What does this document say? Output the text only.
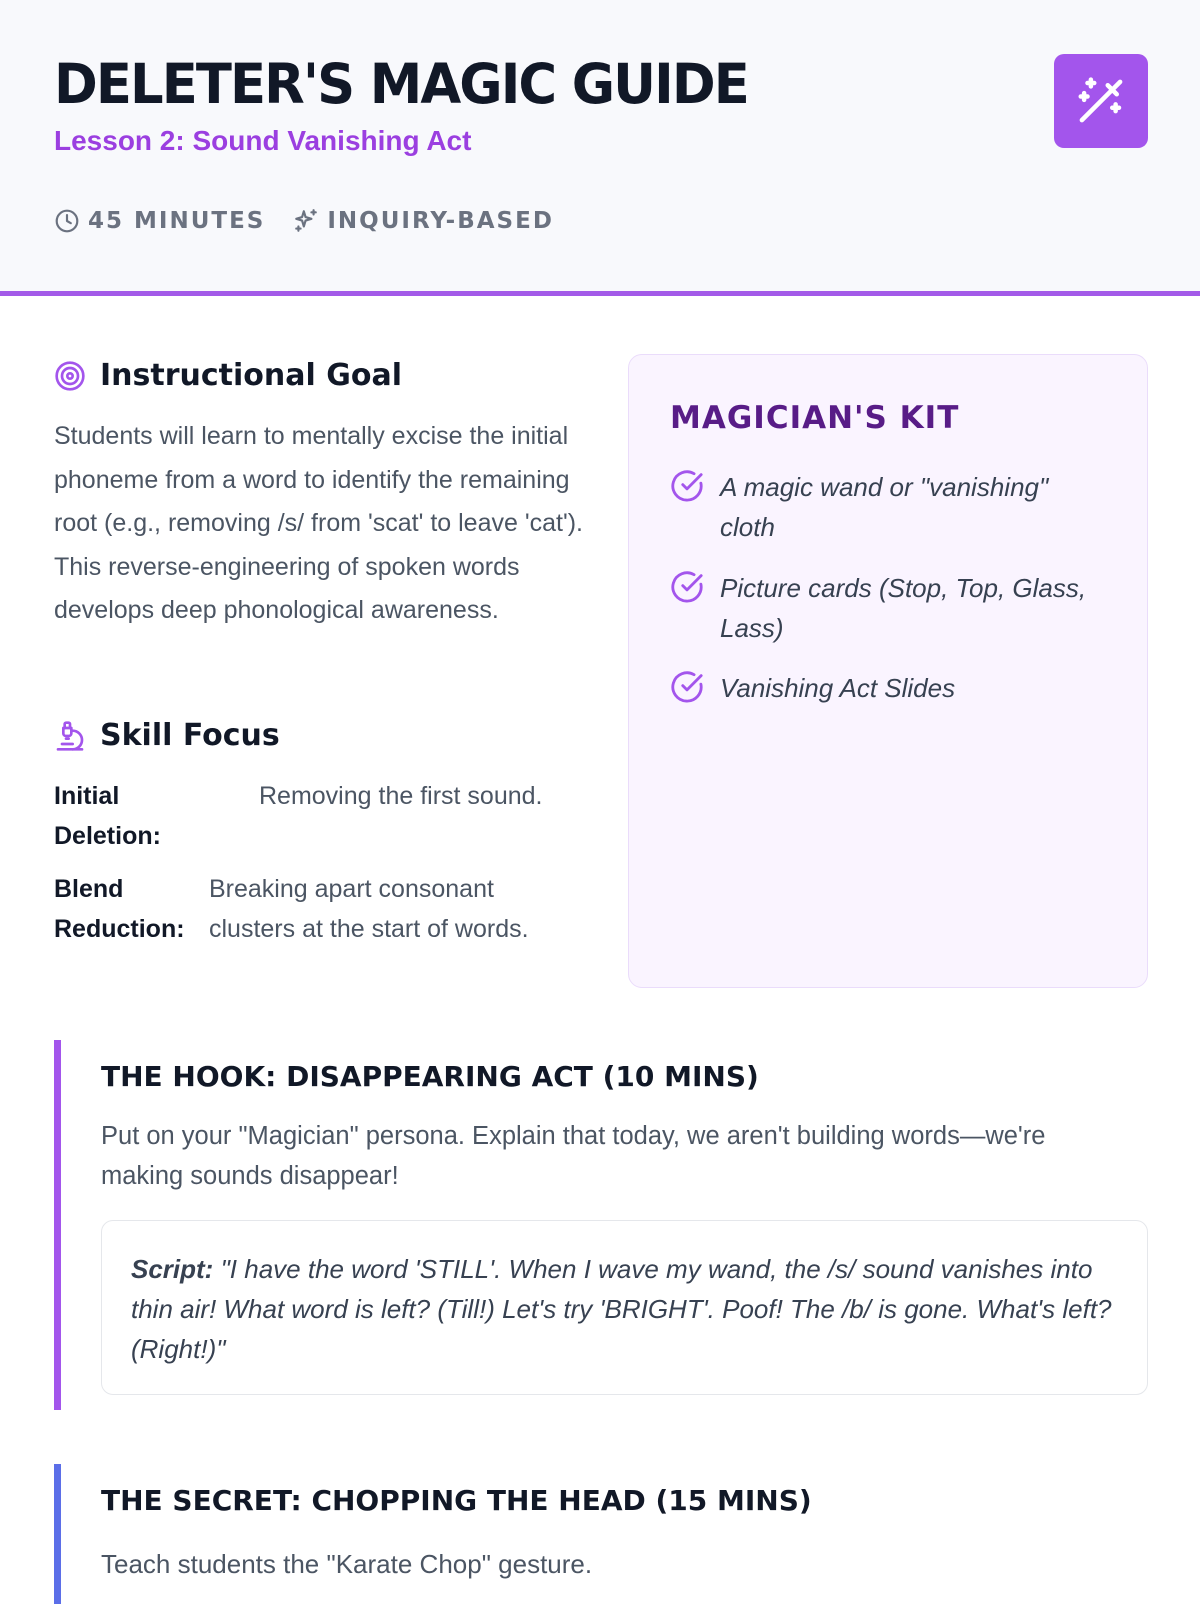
DELETER'S MAGIC GUIDE
Lesson 2: Sound Vanishing Act
45 MINUTES	INQUIRY-BASED
Instructional Goal

Students will learn to mentally excise the initial phoneme from a word to identify the remaining root (e.g., removing /s/ from 'scat' to leave 'cat'). This reverse-engineering of spoken words develops deep phonological awareness.

Skill Focus
Initial Deletion:
Removing the first sound.
Blend Reduction:
Breaking apart consonant clusters at the start of words.
MAGICIAN'S KIT
A magic wand or "vanishing" cloth
Picture cards (Stop, Top, Glass, Lass)
Vanishing Act Slides
THE HOOK: DISAPPEARING ACT (10 MINS)

Put on your "Magician" persona. Explain that today, we aren't building words—we're making sounds disappear!

Script: "I have the word 'STILL'. When I wave my wand, the /s/ sound vanishes into thin air! What word is left? (Till!) Let's try 'BRIGHT'. Poof! The /b/ is gone. What's left? (Right!)"
THE SECRET: CHOPPING THE HEAD (15 MINS)

Teach students the "Karate Chop" gesture.
